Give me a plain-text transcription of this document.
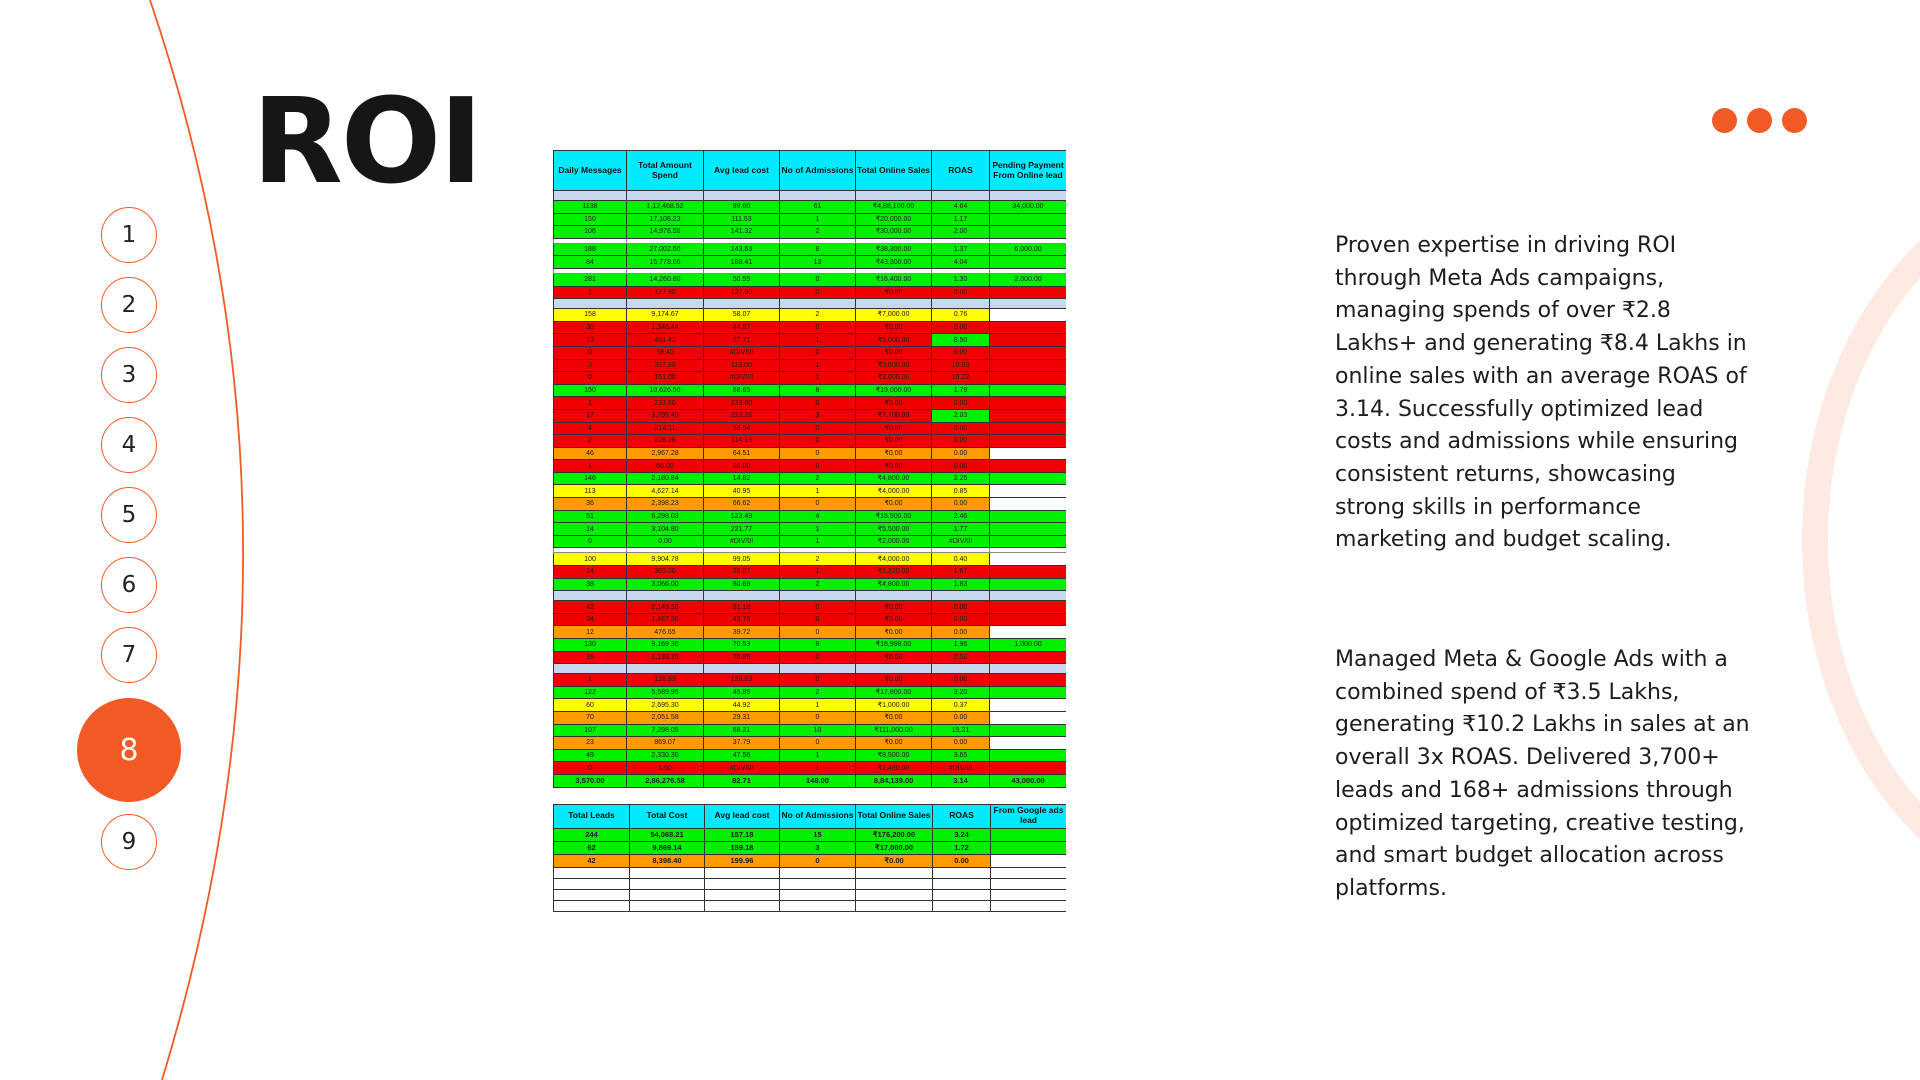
ROI
1
2
3
4
5
6
7
8
9
Daily Messages	Total Amount Spend	Avg lead cost	No of Admissions	Total Online Sales	ROAS	Pending Payment From Online lead

1138	1,12,468.52	99.00	61	₹4,88,100.00	4.64	34,000.00
150	17,108.23	111.63	1	₹20,000.00	1.17	
106	14,978.56	141.32	2	₹30,000.00	2.00	

188	27,002.60	143.63	8	₹38,300.00	1.37	6,000.00
84	15,778.06	188.41	13	₹43,300.00	4.04	

281	14,260.80	50.55	0	₹16,400.00	1.30	2,000.00
1	127.90	127.90	0	₹0.00	0.00	

158	9,174.67	58.07	2	₹7,000.00	0.76	
30	1,346.44	44.87	0	₹0.00	0.00	
13	481.42	37.71	1	₹5,000.00	8.50	
0	58.40	#DIV/0!	0	₹0.00	0.00	
3	357.98	119.00	1	₹3,600.00	10.03	
0	161.00	#DIV/0!	1	₹2,600.00	16.22	
150	10,626.50	68.65	8	₹19,000.00	1.79	
1	233.60	233.60	0	₹0.00	0.00	
17	3,795.49	223.26	3	₹7,700.00	2.03	
4	214.11	53.54	0	₹0.00	0.00	
2	228.26	114.13	0	₹0.00	0.00	
46	2,967.28	64.51	0	₹0.00	0.00	
1	66.00	66.00	0	₹0.00	0.00	
146	2,180.84	14.82	2	₹4,800.00	2.25	
113	4,627.14	40.95	1	₹4,000.00	0.85	
36	2,398.23	66.62	0	₹0.00	0.00	
51	6,298.03	123.49	4	₹15,500.00	2.46	
14	3,104.80	221.77	1	₹5,500.00	1.77	
0	0.00	#DIV/0!	1	₹2,000.00	#DIV/0!	

100	9,904.78	99.05	2	₹4,000.00	0.40	
14	365.00	26.07	1	₹1,320.00	1.67	
38	3,066.00	80.69	2	₹4,800.00	1.83	

42	2,149.38	51.18	0	₹0.00	0.00	
34	1,487.36	43.75	0	₹0.00	0.00	
12	476.65	39.72	0	₹0.00	0.00	
130	9,169.30	70.53	8	₹16,998.00	1.96	1,000.00
16	1,133.76	70.86	0	₹0.00	0.00	

1	126.83	126.83	0	₹0.00	0.00	
122	5,589.95	45.85	2	₹17,800.00	3.20	
60	2,695.30	44.92	1	₹1,000.00	0.37	
70	2,051.58	29.31	0	₹0.00	0.00	
107	7,298.05	68.21	10	₹111,000.00	15.21	
23	869.07	37.79	0	₹0.00	0.00	
49	2,330.30	47.56	1	₹8,500.00	3.65	
0	1.50	#DIV/0!	1	₹1,480.00	#DIV/0!	
3,570.00	2,86,276.58	82.71	148.00	8,84,139.00	3.14	43,000.00
Total Leads	Total Cost	Avg lead cost	No of Admissions	Total Online Sales	ROAS	From Google ads lead
244	54,068.21	157.18	15	₹176,200.00	3.24	
62	9,869.14	159.18	3	₹17,000.00	1.72	
42	8,398.40	199.96	0	₹0.00	0.00	

Proven expertise in driving ROI through Meta Ads campaigns, managing spends of over ₹2.8 Lakhs+ and generating ₹8.4 Lakhs in online sales with an average ROAS of 3.14. Successfully optimized lead costs and admissions while ensuring consistent returns, showcasing strong skills in performance marketing and budget scaling.
Managed Meta & Google Ads with a combined spend of ₹3.5 Lakhs, generating ₹10.2 Lakhs in sales at an overall 3x ROAS. Delivered 3,700+ leads and 168+ admissions through optimized targeting, creative testing, and smart budget allocation across platforms.
